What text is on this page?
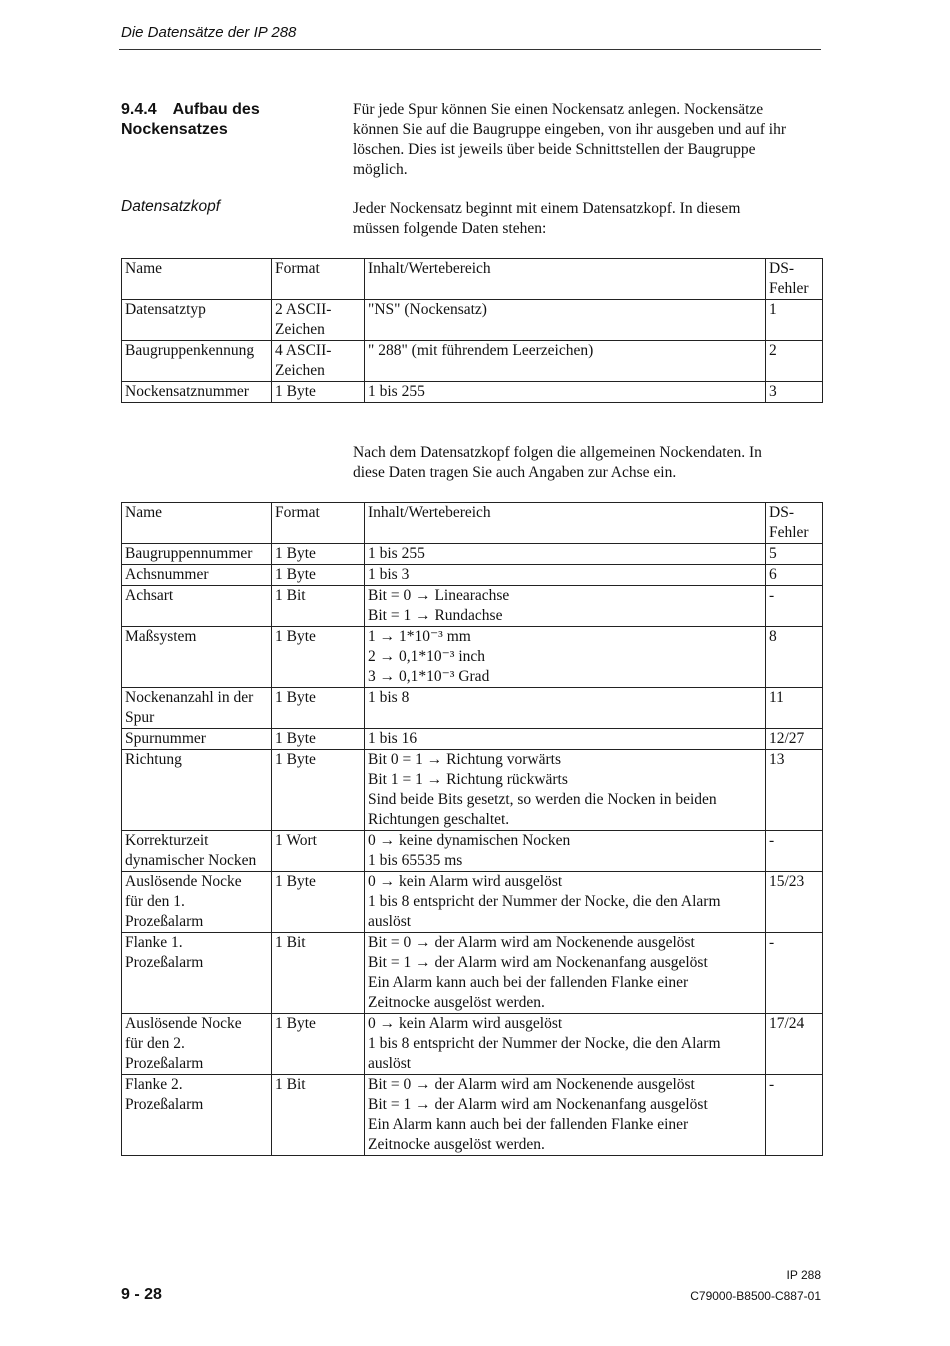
Die Datensätze der IP 288
9.4.4 Aufbau des
Nockensatzes
Für jede Spur können Sie einen Nockensatz anlegen. Nockensätze
können Sie auf die Baugruppe eingeben, von ihr ausgeben und auf ihr
löschen. Dies ist jeweils über beide Schnittstellen der Baugruppe
möglich.
Datensatzkopf	Jeder Nockensatz beginnt mit einem Datensatzkopf. In diesem
müssen folgende Daten stehen:
Name	Format	Inhalt/Wertebereich	DS-
Fehler

Datensatztyp	2 ASCII-
Zeichen	"NS" (Nockensatz)	1

Baugruppenkennung	4 ASCII-
Zeichen	" 288" (mit führendem Leerzeichen)	2

Nockensatznummer	1 Byte	1 bis 255	3
Nach dem Datensatzkopf folgen die allgemeinen Nockendaten. In
diese Daten tragen Sie auch Angaben zur Achse ein.
Name	Format	Inhalt/Wertebereich	DS-
Fehler

Baugruppennummer	1 Byte	1 bis 255	5

Achsnummer	1 Byte	1 bis 3	6

Achsart	1 Bit	Bit = 0 → Linearachse
Bit = 1 → Rundachse	-

Maßsystem	1 Byte	1 → 1*10⁻³ mm
2 → 0,1*10⁻³ inch
3 → 0,1*10⁻³ Grad	8

Nockenanzahl in der
Spur	1 Byte	1 bis 8	11

Spurnummer	1 Byte	1 bis 16	12/27

Richtung	1 Byte	Bit 0 = 1 → Richtung vorwärts
Bit 1 = 1 → Richtung rückwärts
Sind beide Bits gesetzt, so werden die Nocken in beiden
Richtungen geschaltet.	13

Korrekturzeit
dynamischer Nocken	1 Wort	0 → keine dynamischen Nocken
1 bis 65535 ms	-

Auslösende Nocke
für den 1.
Prozeßalarm	1 Byte	0 → kein Alarm wird ausgelöst
1 bis 8 entspricht der Nummer der Nocke, die den Alarm
auslöst	15/23

Flanke 1.
Prozeßalarm	1 Bit	Bit = 0 → der Alarm wird am Nockenende ausgelöst
Bit = 1 → der Alarm wird am Nockenanfang ausgelöst
Ein Alarm kann auch bei der fallenden Flanke einer
Zeitnocke ausgelöst werden.	-

Auslösende Nocke
für den 2.
Prozeßalarm	1 Byte	0 → kein Alarm wird ausgelöst
1 bis 8 entspricht der Nummer der Nocke, die den Alarm
auslöst	17/24

Flanke 2.
Prozeßalarm	1 Bit	Bit = 0 → der Alarm wird am Nockenende ausgelöst
Bit = 1 → der Alarm wird am Nockenanfang ausgelöst
Ein Alarm kann auch bei der fallenden Flanke einer
Zeitnocke ausgelöst werden.	-
9 - 28
IP 288
C79000-B8500-C887-01
